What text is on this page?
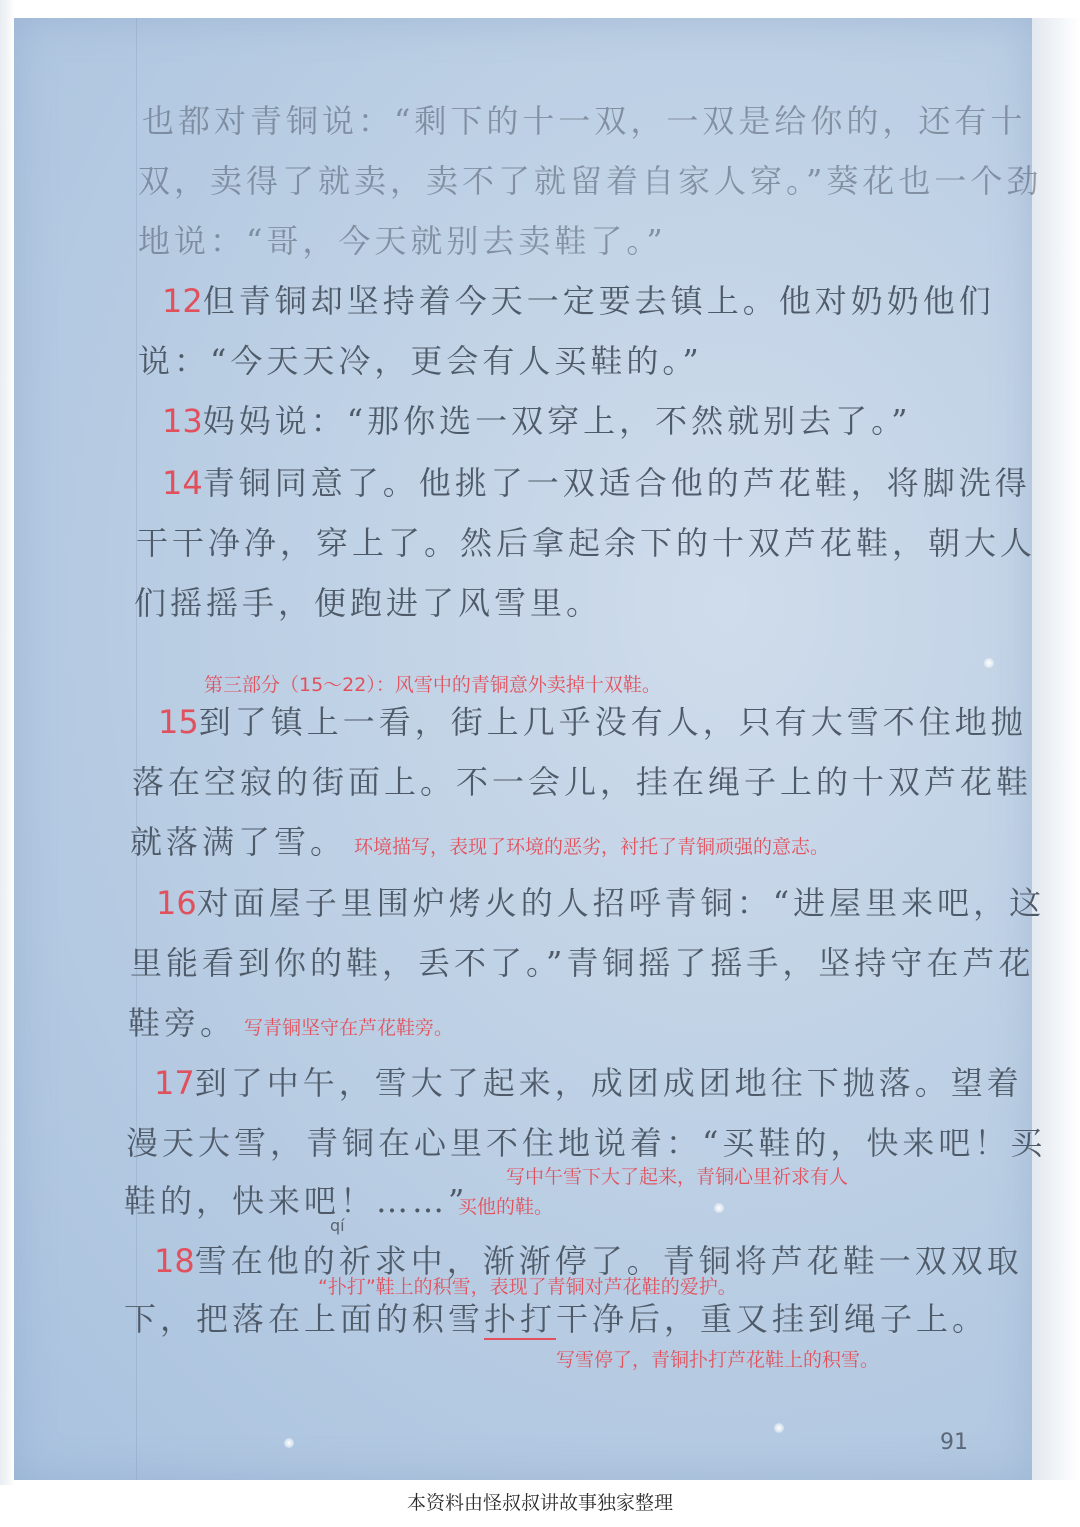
也都对青铜说：“剩下的十一双，一双是给你的，还有十
双，卖得了就卖，卖不了就留着自家人穿。”葵花也一个劲
地说：“哥，今天就别去卖鞋了。”
12但青铜却坚持着今天一定要去镇上。他对奶奶他们
说：“今天天冷，更会有人买鞋的。”
13妈妈说：“那你选一双穿上，不然就别去了。”
14青铜同意了。他挑了一双适合他的芦花鞋，将脚洗得
干干净净，穿上了。然后拿起余下的十双芦花鞋，朝大人
们摇摇手，便跑进了风雪里。
第三部分（15～22）：风雪中的青铜意外卖掉十双鞋。
15到了镇上一看，街上几乎没有人，只有大雪不住地抛
落在空寂的街面上。不一会儿，挂在绳子上的十双芦花鞋
就落满了雪。 环境描写，表现了环境的恶劣，衬托了青铜顽强的意志。
16对面屋子里围炉烤火的人招呼青铜：“进屋里来吧，这
里能看到你的鞋，丢不了。”青铜摇了摇手，坚持守在芦花
鞋旁。 写青铜坚守在芦花鞋旁。
17到了中午，雪大了起来，成团成团地往下抛落。望着
漫天大雪，青铜在心里不住地说着：“买鞋的，快来吧！买
鞋的，快来吧！……”
写中午雪下大了起来，青铜心里祈求有人
买他的鞋。
qí
18雪在他的祈求中，渐渐停了。青铜将芦花鞋一双双取
“扑打”鞋上的积雪，表现了青铜对芦花鞋的爱护。
下，把落在上面的积雪扑打干净后，重又挂到绳子上。
写雪停了，青铜扑打芦花鞋上的积雪。
91
本资料由怪叔叔讲故事独家整理
